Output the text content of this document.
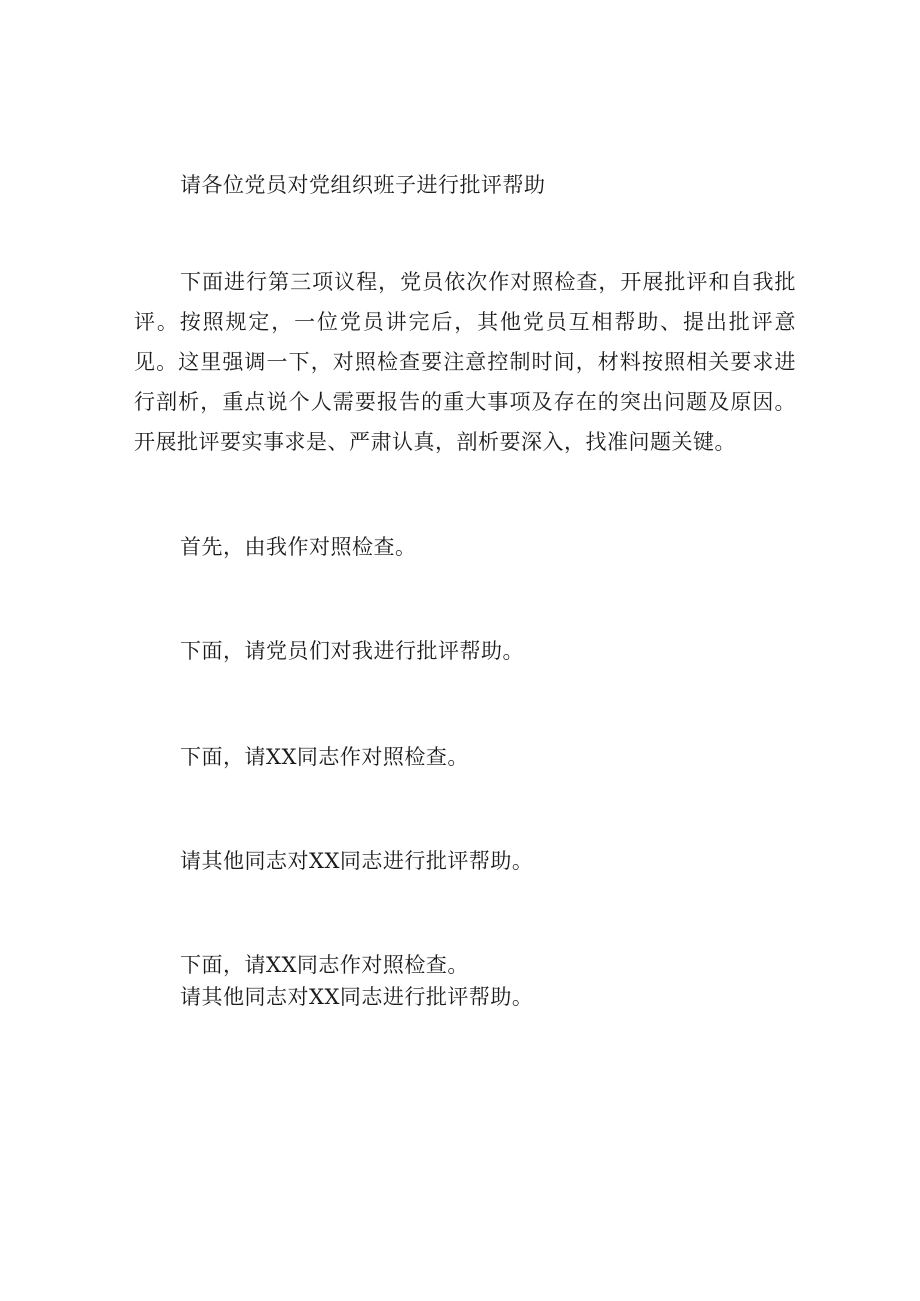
请各位党员对党组织班子进行批评帮助
下面进行第三项议程，党员依次作对照检查，开展批评和自我批评。按照规定，一位党员讲完后，其他党员互相帮助、提出批评意见。这里强调一下，对照检查要注意控制时间，材料按照相关要求进行剖析，重点说个人需要报告的重大事项及存在的突出问题及原因。开展批评要实事求是、严肃认真，剖析要深入，找准问题关键。
首先，由我作对照检查。
下面，请党员们对我进行批评帮助。
下面，请XX同志作对照检查。
请其他同志对XX同志进行批评帮助。
下面，请XX同志作对照检查。
请其他同志对XX同志进行批评帮助。
